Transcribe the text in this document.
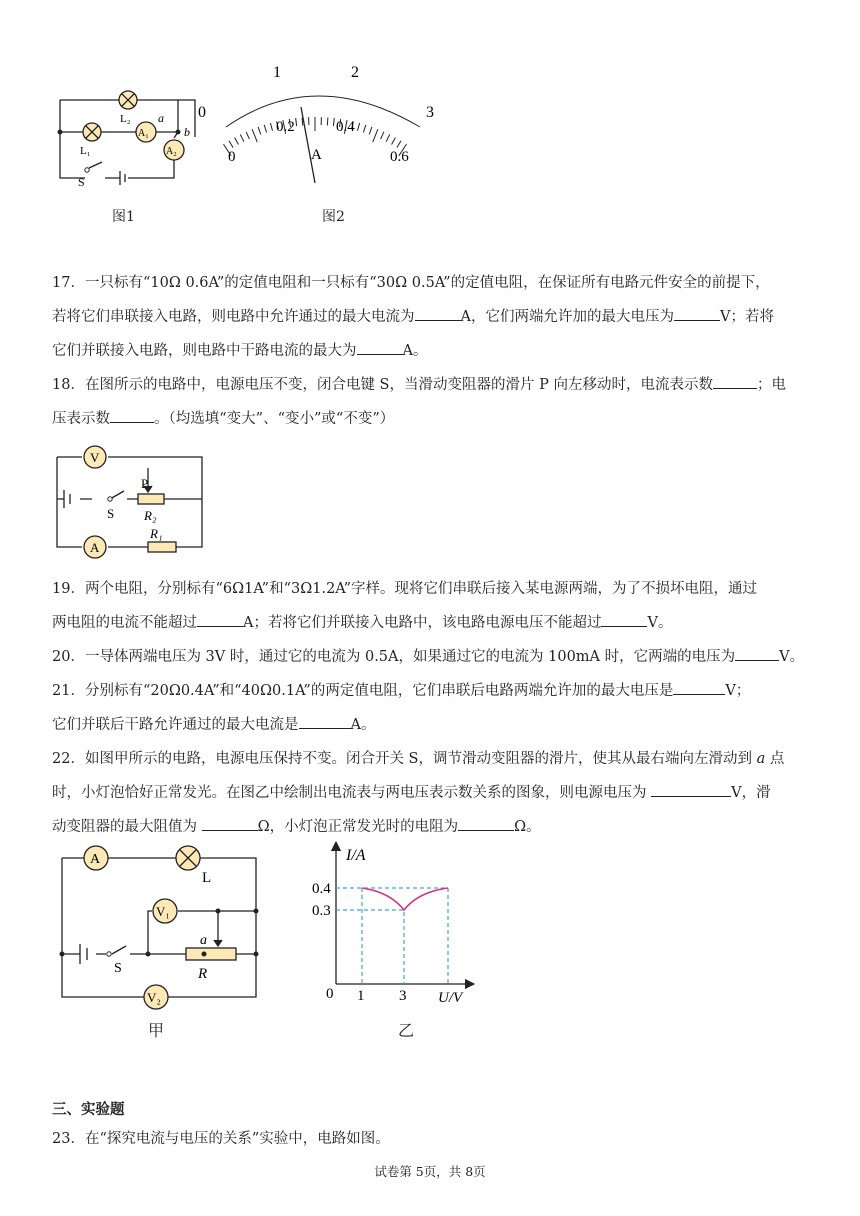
L₂
L₁
A₁
A₂
a
b
S
图1
0
1	2
3
0
0.2	0.4
0.6
A
图2

17．一只标有“10Ω 0.6A”的定值电阻和一只标有“30Ω 0.5A”的定值电阻，在保证所有电路元件安全的前提下，

若将它们串联接入电路，则电路中允许通过的最大电流为	A，它们两端允许加的最大电压为	V；若将

它们并联接入电路，则电路中干路电流的最大为	A。

18．在图所示的电路中，电源电压不变，闭合电键 S，当滑动变阻器的滑片 P 向左移动时，电流表示数	；电

压表示数	。（均选填“变大”、“变小”或“不变”）

V
A
P
S R₂
R₁

19．两个电阻，分别标有“6Ω1A”和“3Ω1.2A”字样。现将它们串联后接入某电源两端，为了不损坏电阻，通过

两电阻的电流不能超过	A；若将它们并联接入电路中，该电路电源电压不能超过	V。

20．一导体两端电压为 3V 时，通过它的电流为 0.5A，如果通过它的电流为 100mA 时，它两端的电压为	V。

21．分别标有“20Ω0.4A”和“40Ω0.1A”的两定值电阻，它们串联后电路两端允许加的最大电压是	V；

它们并联后干路允许通过的最大电流是	A。

22．如图甲所示的电路，电源电压保持不变。闭合开关 S，调节滑动变阻器的滑片，使其从最右端向左滑动到 a 点

时，小灯泡恰好正常发光。在图乙中绘制出电流表与两电压表示数关系的图象，则电源电压为	V，滑

动变阻器的最大阻值为	Ω，小灯泡正常发光时的电阻为	Ω。

A
L
V₁
V₂
S	R
a
甲
I/A
U/V
0
0.4
0.3
1 3
乙
三、实验题

23．在“探究电流与电压的关系”实验中，电路如图。

试卷第 5页，共 8页
